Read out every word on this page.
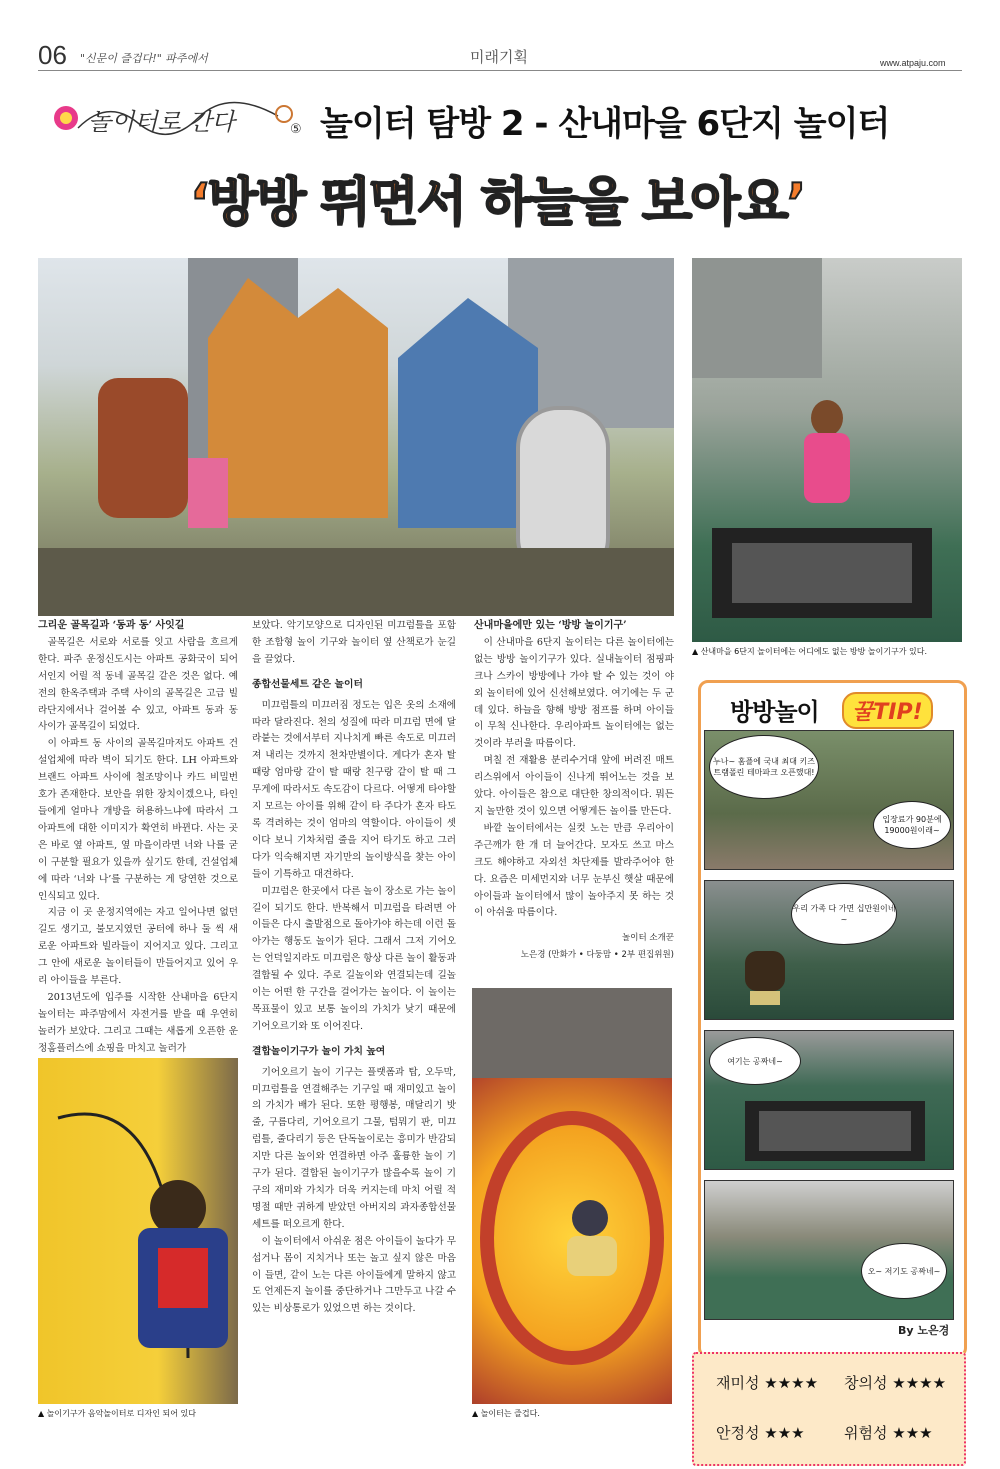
06 "신문이 즐겁다!" 파주에서	미래기획	www.atpaju.com
놀이터로 간다	⑤ 놀이터 탐방 2 - 산내마을 6단지 놀이터
‘방방 뛰면서 하늘을 보아요’
▲ 산내마을 6단지 놀이터에는 어디에도 없는 방방 놀이기구가 있다.
그리운 골목길과 ‘동과 동’ 사잇길

골목길은 서로와 서로를 잇고 사람을 흐르게 한다. 파주 운정신도시는 아파트 공화국이 되어서인지 어릴 적 동네 골목길 같은 것은 없다. 예전의 한옥주택과 주택 사이의 골목길은 고급 빌라단지에서나 걸어볼 수 있고, 아파트 동과 동 사이가 골목길이 되었다.

이 아파트 동 사이의 골목길마저도 아파트 건설업체에 따라 벽이 되기도 한다. LH 아파트와 브랜드 아파트 사이에 철조망이나 카드 비밀번호가 존재한다. 보안을 위한 장치이겠으나, 타인들에게 얼마나 개방을 허용하느냐에 따라서 그 아파트에 대한 이미지가 확연히 바뀐다. 사는 곳은 바로 옆 아파트, 옆 마을이라면 너와 나를 굳이 구분할 필요가 있을까 싶기도 한데, 건설업체에 따라 ‘너와 나’를 구분하는 게 당연한 것으로 인식되고 있다.

지금 이 곳 운정지역에는 자고 일어나면 없던 길도 생기고, 불모지였던 공터에 하나 둘 씩 새로운 아파트와 빌라들이 지어지고 있다. 그리고 그 안에 새로운 놀이터들이 만들어지고 있어 우리 아이들을 부른다.

2013년도에 입주를 시작한 산내마을 6단지 놀이터는 파주맘에서 자전거를 받을 때 우연히 놀러가 보았다. 그리고 그때는 새롭게 오픈한 운정홈플러스에 쇼핑을 마치고 놀러가

▲ 놀이기구가 음악놀이터로 디자인 되어 있다

보았다. 악기모양으로 디자인된 미끄럼틀을 포함한 조합형 놀이 기구와 놀이터 옆 산책로가 눈길을 끌었다.

종합선물세트 같은 놀이터

미끄럼틀의 미끄러짐 정도는 입은 옷의 소재에 따라 달라진다. 천의 성질에 따라 미끄럼 면에 달라붙는 것에서부터 지나치게 빠른 속도로 미끄러져 내리는 것까지 천차만별이다. 게다가 혼자 탈 때랑 엄마랑 같이 탈 때랑 친구랑 같이 탈 때 그 무게에 따라서도 속도감이 다르다. 어떻게 타야할 지 모르는 아이를 위해 같이 타 주다가 혼자 타도록 격려하는 것이 엄마의 역할이다. 아이들이 셋이다 보니 기차처럼 줄을 지어 타기도 하고 그러다가 익숙해지면 자기만의 놀이방식을 찾는 아이들이 기특하고 대견하다.

미끄럼은 한곳에서 다른 놀이 장소로 가는 놀이 길이 되기도 한다. 반복해서 미끄럼을 타려면 아이들은 다시 출발점으로 돌아가야 하는데 이런 돌아가는 행동도 놀이가 된다. 그래서 그저 기어오는 언덕일지라도 미끄럼은 항상 다른 놀이 활동과 결합될 수 있다. 주로 길놀이와 연결되는데 길놀이는 어떤 한 구간을 걸어가는 놀이다. 이 놀이는 목표물이 있고 보통 놀이의 가치가 낮기 때문에 기어오르기와 또 이어진다.

결합놀이기구가 놀이 가치 높여

기어오르기 놀이 기구는 플랫폼과 탑, 오두막, 미끄럼틀을 연결해주는 기구일 때 재미있고 놀이의 가치가 배가 된다. 또한 평행봉, 매달리기 밧줄, 구름다리, 기어오르기 그물, 텀뭐기 판, 미끄럼틀, 줄다리기 등은 단독놀이로는 흥미가 반감되지만 다른 놀이와 연결하면 아주 훌륭한 놀이 기구가 된다. 결합된 놀이기구가 많을수록 놀이 기구의 재미와 가치가 더욱 커지는데 마치 어릴 적 명절 때만 귀하게 받았던 아버지의 과자종합선물세트를 떠오르게 한다.

이 놀이터에서 아쉬운 점은 아이들이 놀다가 무섭거나 몸이 지치거나 또는 놀고 싶지 않은 마음이 들면, 같이 노는 다른 아이들에게 말하지 않고도 언제든지 놀이를 중단하거나 그만두고 나갈 수 있는 비상통로가 있었으면 하는 것이다.

산내마을에만 있는 ‘방방 놀이기구’

이 산내마을 6단지 놀이터는 다른 놀이터에는 없는 방방 놀이기구가 있다. 실내놀이터 점핑파크나 스카이 방방에나 가야 탈 수 있는 것이 야외 놀이터에 있어 신선해보였다. 여기에는 두 군데 있다. 하늘을 향해 방방 점프를 하며 아이들이 무척 신나한다. 우리아파트 놀이터에는 없는 것이라 부러울 따름이다.

며칠 전 재활용 분리수거대 앞에 버려진 매트리스위에서 아이들이 신나게 뛰어노는 것을 보았다. 아이들은 참으로 대단한 창의적이다. 뭐든지 놀만한 것이 있으면 어떻게든 놀이를 만든다.

바깥 놀이터에서는 실컷 노는 만큼 우리아이 주근깨가 한 개 더 늘어간다. 모자도 쓰고 마스크도 해야하고 자외선 차단제를 발라주어야 한다. 요즘은 미세먼지와 너무 눈부신 햇살 때문에 아이들과 놀이터에서 많이 놀아주지 못 하는 것이 아쉬울 따름이다.

놀이터 소개꾼
노은경 (만화가 • 다둥맘 • 2부 편집위원)
▲ 놀이터는 즐겁다.
방방놀이	꿀TIP!
누나~ 홈플에 국내 최대 키즈 트램폴린 테마파크 오픈했대!
입장료가 90분에 19000원이래~
우리 가족 다 가면 십만원이네~
여기는 공짜네~
오~ 저기도 공짜네~
By 노은경
재미성 ★★★★ 창의성 ★★★★
안정성 ★★★	위험성 ★★★
